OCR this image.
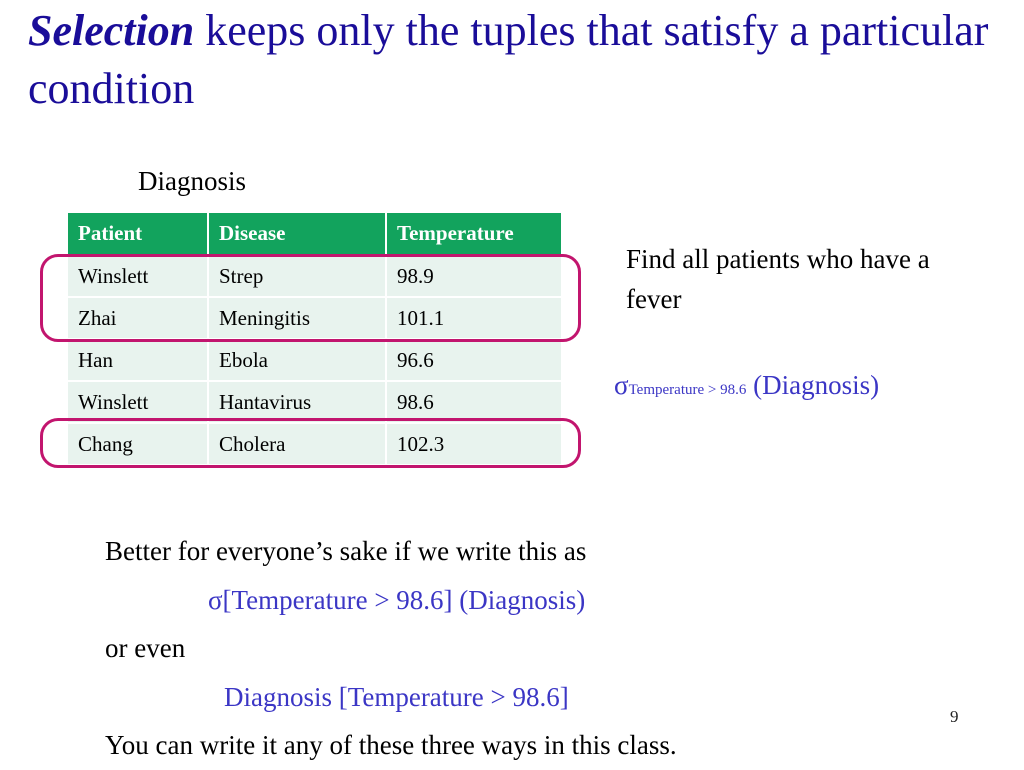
Selection keeps only the tuples that satisfy a particular condition
Diagnosis
Patient	Disease	Temperature
Winslett	Strep	98.9
Zhai	Meningitis	101.1
Han	Ebola	96.6
Winslett	Hantavirus	98.6
Chang	Cholera	102.3
Find all patients who have a fever
σTemperature > 98.6 (Diagnosis)
Better for everyone’s sake if we write this as
σ[Temperature > 98.6] (Diagnosis)
or even
Diagnosis [Temperature > 98.6]
You can write it any of these three ways in this class.
9
